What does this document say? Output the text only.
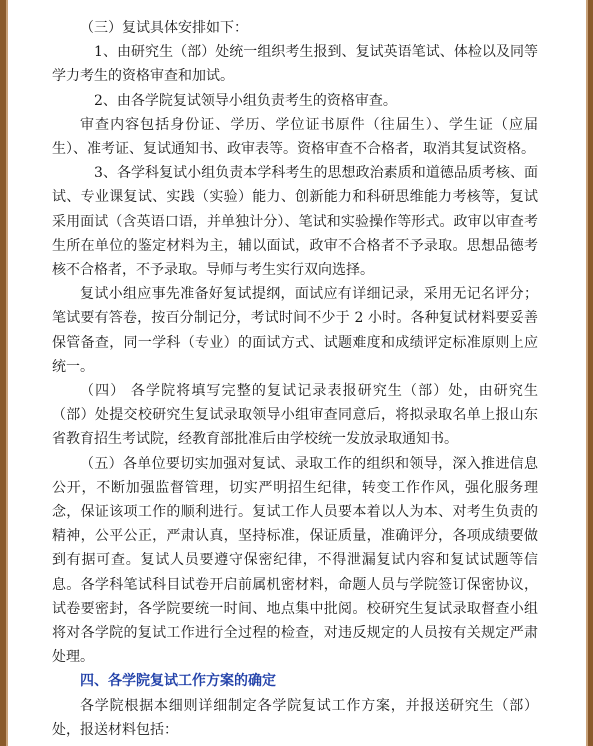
（三）复试具体安排如下：

1、由研究生（部）处统一组织考生报到、复试英语笔试、体检以及同等学力考生的资格审查和加试。

2、由各学院复试领导小组负责考生的资格审查。

审查内容包括身份证、学历、学位证书原件（往届生）、学生证（应届生）、准考证、复试通知书、政审表等。资格审查不合格者，取消其复试资格。

3、各学科复试小组负责本学科考生的思想政治素质和道德品质考核、面试、专业课复试、实践（实验）能力、创新能力和科研思维能力考核等，复试采用面试（含英语口语，并单独计分）、笔试和实验操作等形式。政审以审查考生所在单位的鉴定材料为主，辅以面试，政审不合格者不予录取。思想品德考核不合格者，不予录取。导师与考生实行双向选择。

复试小组应事先准备好复试提纲，面试应有详细记录，采用无记名评分；笔试要有答卷，按百分制记分，考试时间不少于 2 小时。各种复试材料要妥善保管备查，同一学科（专业）的面试方式、试题难度和成绩评定标准原则上应统一。

（四） 各学院将填写完整的复试记录表报研究生（部）处，由研究生（部）处提交校研究生复试录取领导小组审查同意后，将拟录取名单上报山东省教育招生考试院，经教育部批准后由学校统一发放录取通知书。

（五）各单位要切实加强对复试、录取工作的组织和领导，深入推进信息公开，不断加强监督管理，切实严明招生纪律，转变工作作风，强化服务理念，保证该项工作的顺利进行。复试工作人员要本着以人为本、对考生负责的精神，公平公正，严肃认真，坚持标准，保证质量，准确评分，各项成绩要做到有据可查。复试人员要遵守保密纪律，不得泄漏复试内容和复试试题等信息。各学科笔试科目试卷开启前属机密材料，命题人员与学院签订保密协议，试卷要密封，各学院要统一时间、地点集中批阅。校研究生复试录取督查小组将对各学院的复试工作进行全过程的检查，对违反规定的人员按有关规定严肃处理。

四、各学院复试工作方案的确定

各学院根据本细则详细制定各学院复试工作方案，并报送研究生（部）处，报送材料包括：
